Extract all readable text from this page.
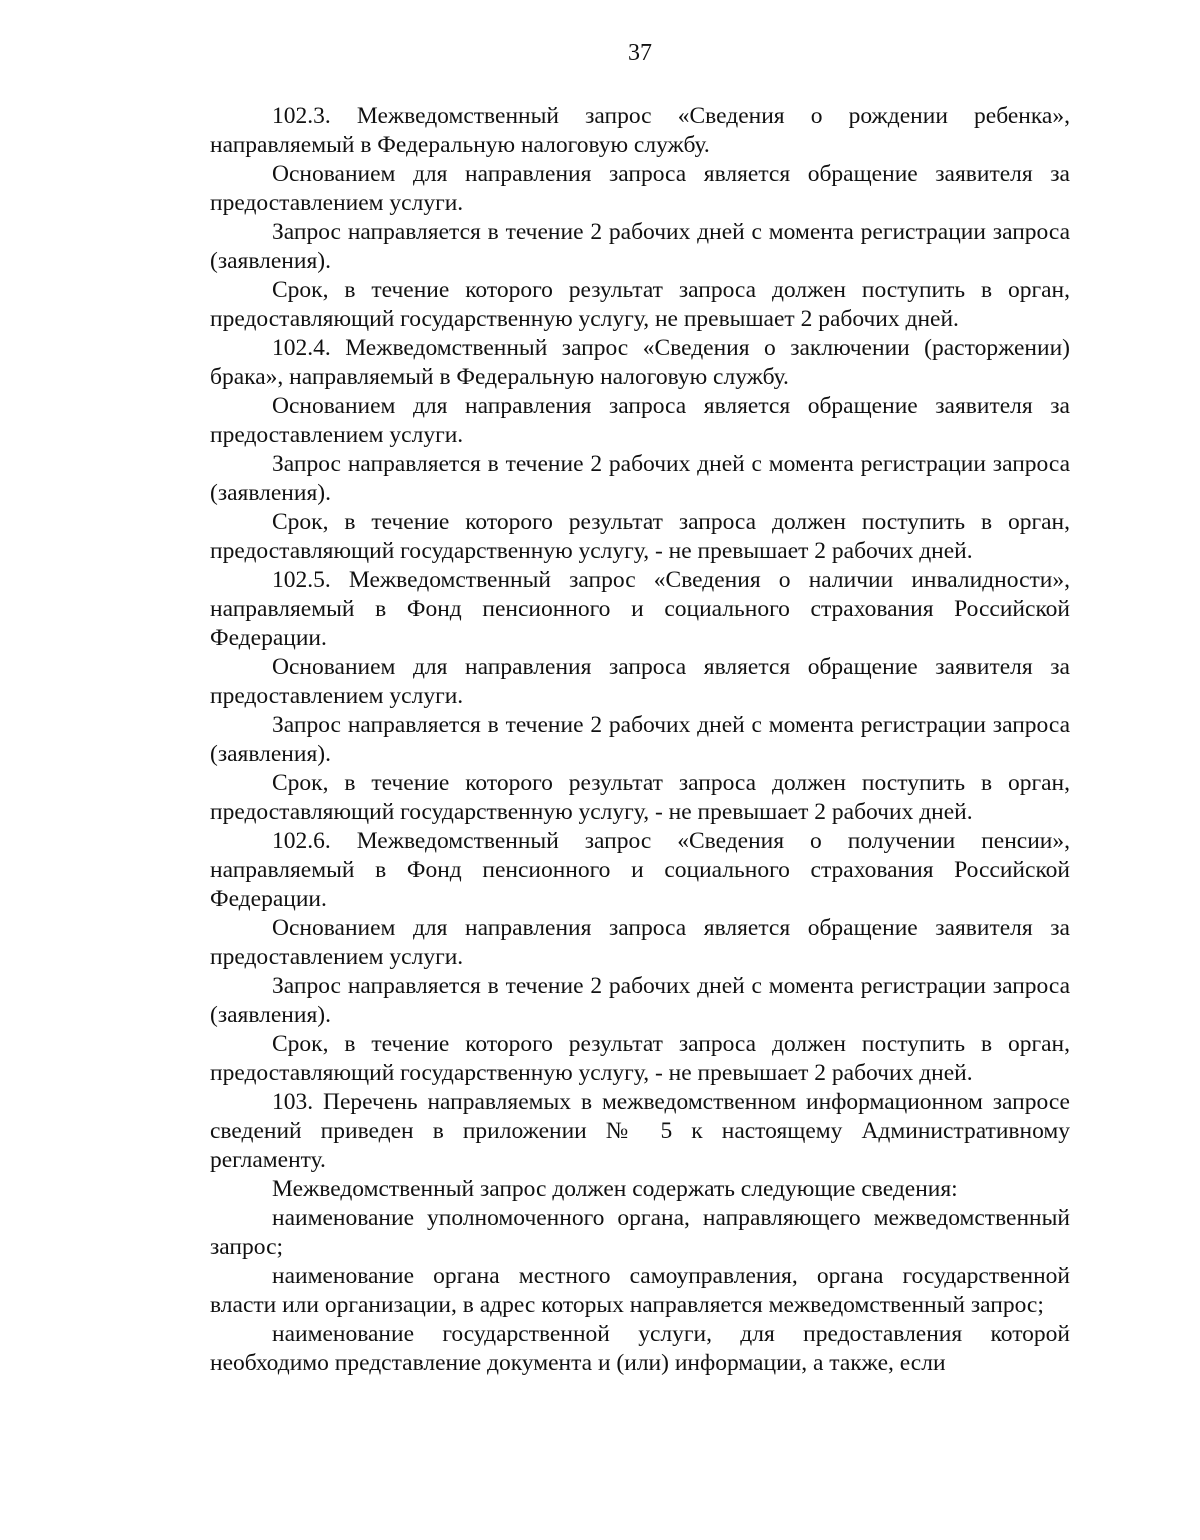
37

102.3. Межведомственный запрос «Сведения о рождении ребенка», направляемый в Федеральную налоговую службу.

Основанием для направления запроса является обращение заявителя за предоставлением услуги.

Запрос направляется в течение 2 рабочих дней с момента регистрации запроса (заявления).

Срок, в течение которого результат запроса должен поступить в орган, предоставляющий государственную услугу, не превышает 2 рабочих дней.

102.4. Межведомственный запрос «Сведения о заключении (расторжении) брака», направляемый в Федеральную налоговую службу.

Основанием для направления запроса является обращение заявителя за предоставлением услуги.

Запрос направляется в течение 2 рабочих дней с момента регистрации запроса (заявления).

Срок, в течение которого результат запроса должен поступить в орган, предоставляющий государственную услугу, - не превышает 2 рабочих дней.

102.5. Межведомственный запрос «Сведения о наличии инвалидности», направляемый в Фонд пенсионного и социального страхования Российской Федерации.

Основанием для направления запроса является обращение заявителя за предоставлением услуги.

Запрос направляется в течение 2 рабочих дней с момента регистрации запроса (заявления).

Срок, в течение которого результат запроса должен поступить в орган, предоставляющий государственную услугу, - не превышает 2 рабочих дней.

102.6. Межведомственный запрос «Сведения о получении пенсии», направляемый в Фонд пенсионного и социального страхования Российской Федерации.

Основанием для направления запроса является обращение заявителя за предоставлением услуги.

Запрос направляется в течение 2 рабочих дней с момента регистрации запроса (заявления).

Срок, в течение которого результат запроса должен поступить в орган, предоставляющий государственную услугу, - не превышает 2 рабочих дней.

103. Перечень направляемых в межведомственном информационном запросе сведений приведен в приложении № 5 к настоящему Административному регламенту.

Межведомственный запрос должен содержать следующие сведения:

наименование уполномоченного органа, направляющего межведомственный запрос;

наименование органа местного самоуправления, органа государственной власти или организации, в адрес которых направляется межведомственный запрос;

наименование государственной услуги, для предоставления которой необходимо представление документа и (или) информации, а также, если
